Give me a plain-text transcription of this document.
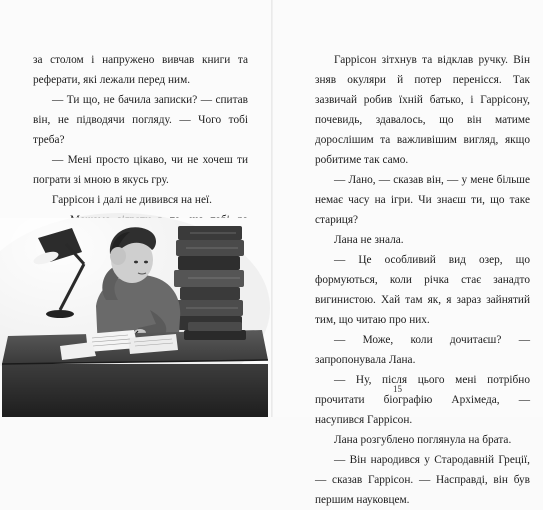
за столом і напружено вивчав книги та реферати, які лежали перед ним.

— Ти що, не бачила записки? — спитав він, не підводячи погляду. — Чого тобі треба?

— Мені просто цікаво, чи не хочеш ти пограти зі мною в якусь гру.

Гаррісон і далі не дивився на неї.

Гаррісон зітхнув та відклав ручку. Він зняв окуляри й потер перенісся. Так зазвичай робив їхній батько, і Гаррісону, почевидь, здавалось, що він матиме дорослішим та важливішим вигляд, якщо робитиме так само.

— Лано, — сказав він, — у мене більше немає часу на ігри. Чи знаєш ти, що таке стариця?

Лана не знала.

— Це особливий вид озер, що формуються, коли річка стає занадто вигинистою. Хай там як, я зараз зайнятий тим, що читаю про них.

— Може, коли дочитаєш? — запропонувала Лана.

— Ну, після цього мені потрібно прочитати біографію Архімеда, — насупився Гаррісон.

Лана розгублено поглянула на брата.

— Він народився у Стародавній Греції, — сказав Гаррісон. — Насправді, він був першим науковцем.

15
